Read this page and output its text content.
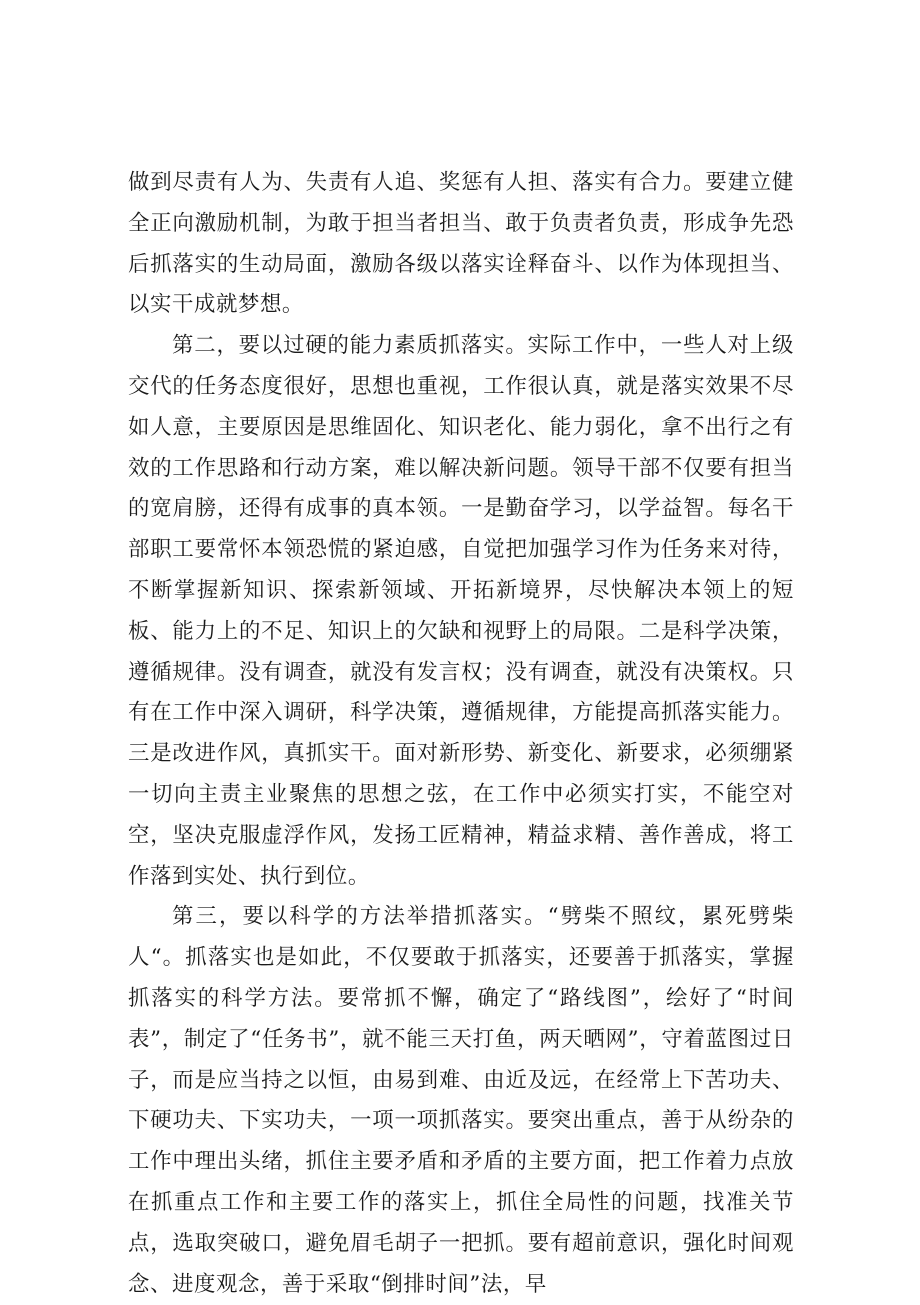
做到尽责有人为、失责有人追、奖惩有人担、落实有合力。要建立健全正向激励机制，为敢于担当者担当、敢于负责者负责，形成争先恐后抓落实的生动局面，激励各级以落实诠释奋斗、以作为体现担当、以实干成就梦想。

第二，要以过硬的能力素质抓落实。实际工作中，一些人对上级交代的任务态度很好，思想也重视，工作很认真，就是落实效果不尽如人意，主要原因是思维固化、知识老化、能力弱化，拿不出行之有效的工作思路和行动方案，难以解决新问题。领导干部不仅要有担当的宽肩膀，还得有成事的真本领。一是勤奋学习，以学益智。每名干部职工要常怀本领恐慌的紧迫感，自觉把加强学习作为任务来对待，不断掌握新知识、探索新领域、开拓新境界，尽快解决本领上的短板、能力上的不足、知识上的欠缺和视野上的局限。二是科学决策，遵循规律。没有调查，就没有发言权；没有调查，就没有决策权。只有在工作中深入调研，科学决策，遵循规律，方能提高抓落实能力。三是改进作风，真抓实干。面对新形势、新变化、新要求，必须绷紧一切向主责主业聚焦的思想之弦，在工作中必须实打实，不能空对空，坚决克服虚浮作风，发扬工匠精神，精益求精、善作善成，将工作落到实处、执行到位。

第三，要以科学的方法举措抓落实。“劈柴不照纹，累死劈柴人“。抓落实也是如此，不仅要敢于抓落实，还要善于抓落实，掌握抓落实的科学方法。要常抓不懈，确定了“路线图”，绘好了“时间表”，制定了“任务书”，就不能三天打鱼，两天晒网”，守着蓝图过日子，而是应当持之以恒，由易到难、由近及远，在经常上下苦功夫、下硬功夫、下实功夫，一项一项抓落实。要突出重点，善于从纷杂的工作中理出头绪，抓住主要矛盾和矛盾的主要方面，把工作着力点放在抓重点工作和主要工作的落实上，抓住全局性的问题，找准关节点，选取突破口，避免眉毛胡子一把抓。要有超前意识，强化时间观念、进度观念，善于采取“倒排时间”法，早
